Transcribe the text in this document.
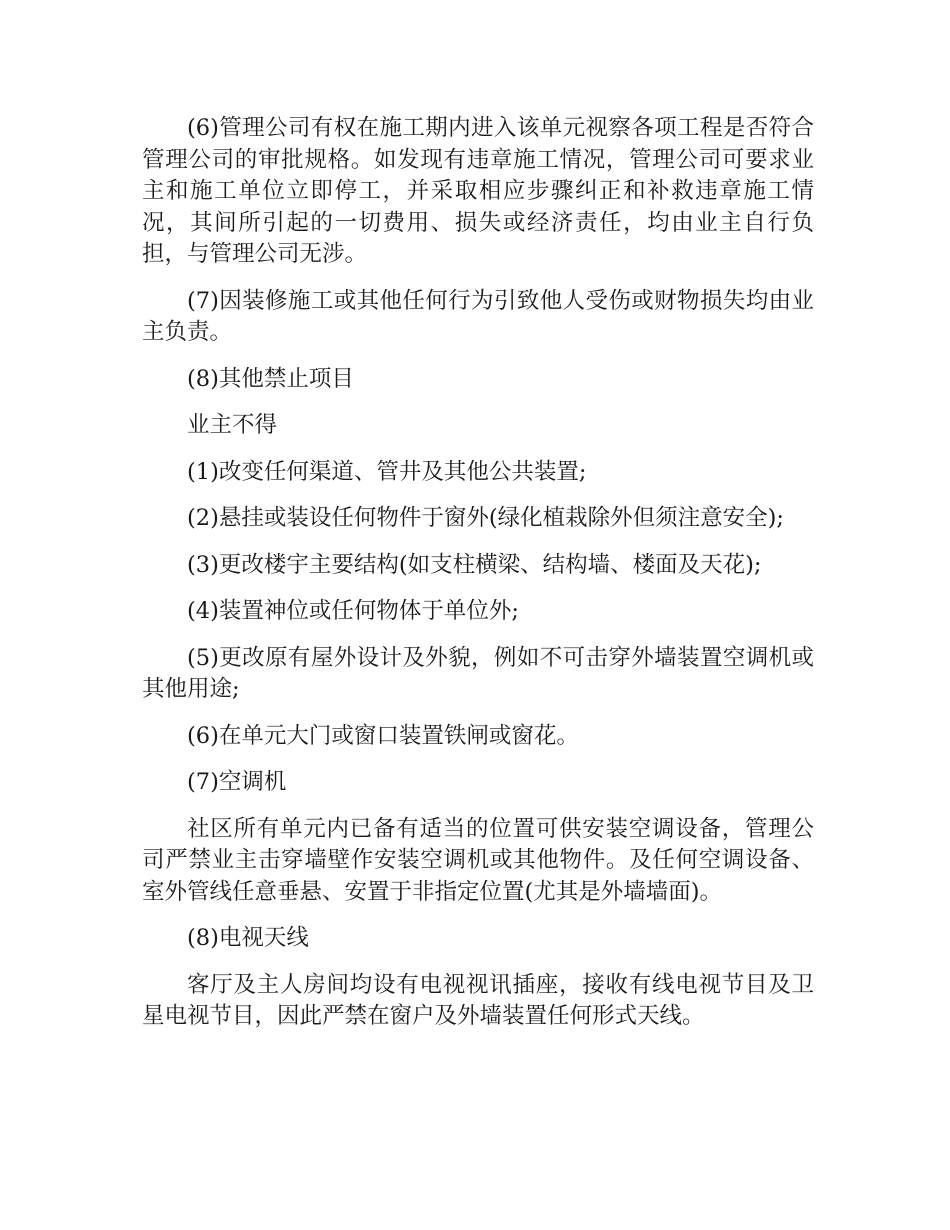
(6)管理公司有权在施工期内进入该单元视察各项工程是否符合管理公司的审批规格。如发现有违章施工情况，管理公司可要求业主和施工单位立即停工，并采取相应步骤纠正和补救违章施工情况，其间所引起的一切费用、损失或经济责任，均由业主自行负担，与管理公司无涉。

(7)因装修施工或其他任何行为引致他人受伤或财物损失均由业主负责。

(8)其他禁止项目

业主不得

(1)改变任何渠道、管井及其他公共装置;

(2)悬挂或装设任何物件于窗外(绿化植栽除外但须注意安全);

(3)更改楼宇主要结构(如支柱横梁、结构墙、楼面及天花);

(4)装置神位或任何物体于单位外;

(5)更改原有屋外设计及外貌，例如不可击穿外墙装置空调机或其他用途;

(6)在单元大门或窗口装置铁闸或窗花。

(7)空调机

社区所有单元内已备有适当的位置可供安装空调设备，管理公司严禁业主击穿墙壁作安装空调机或其他物件。及任何空调设备、室外管线任意垂悬、安置于非指定位置(尤其是外墙墙面)。

(8)电视天线

客厅及主人房间均设有电视视讯插座，接收有线电视节目及卫星电视节目，因此严禁在窗户及外墙装置任何形式天线。
